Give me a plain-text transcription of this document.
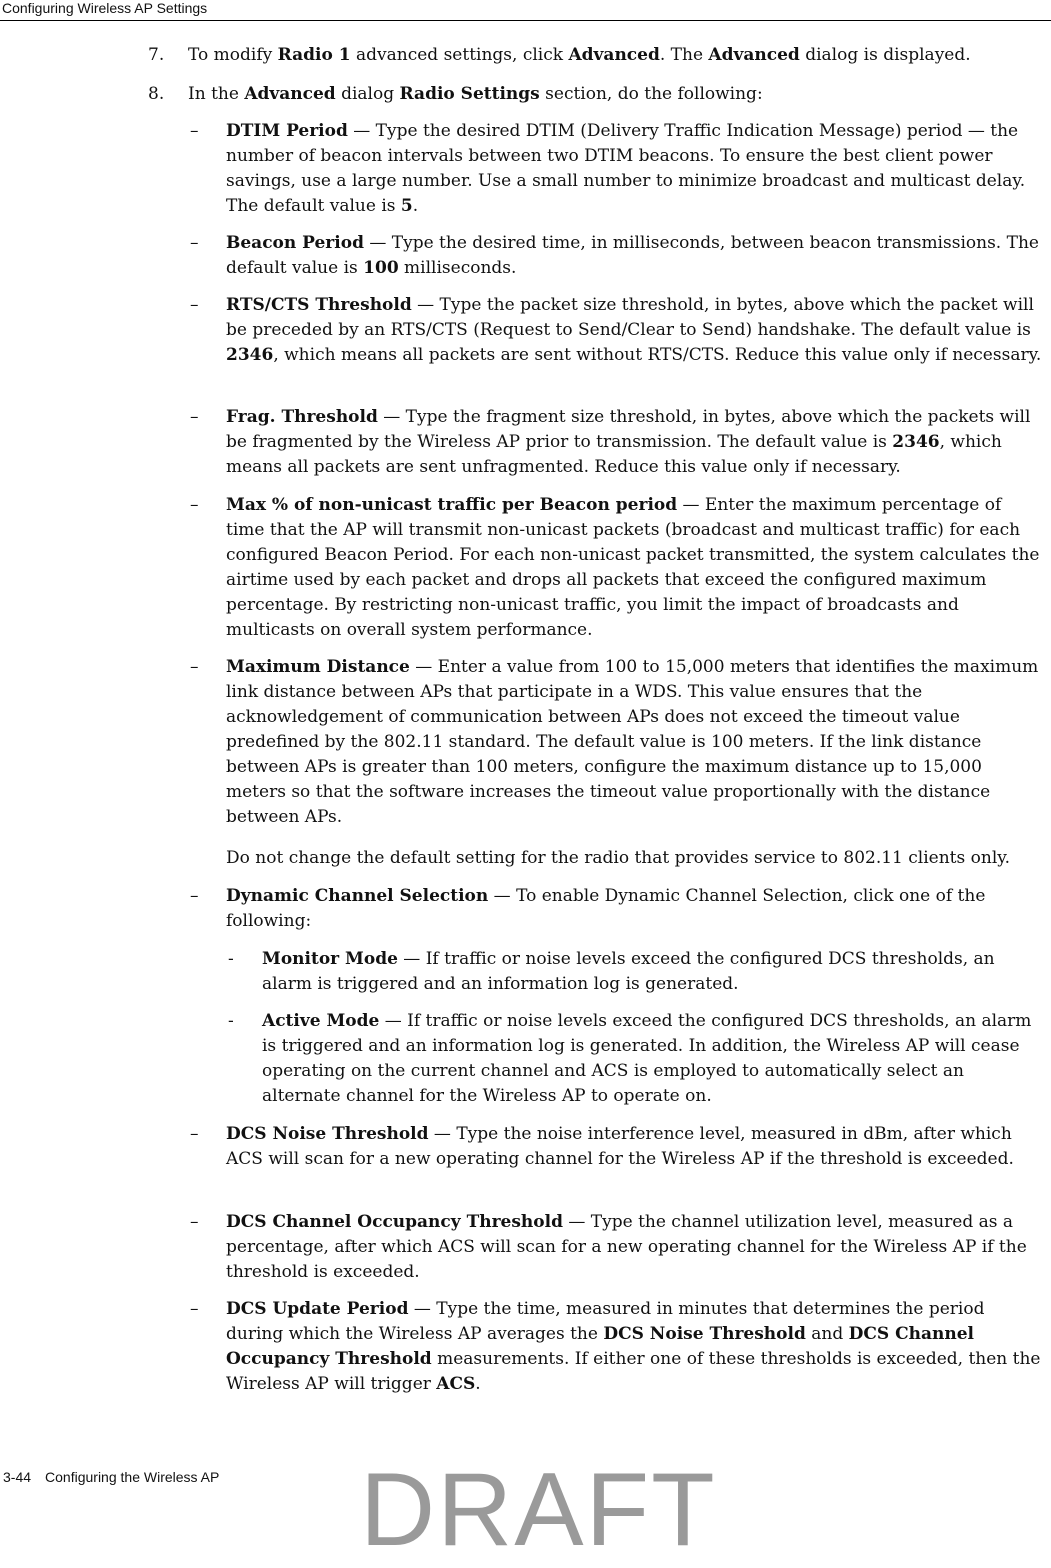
Configuring Wireless AP Settings
7. To modify Radio 1 advanced settings, click Advanced. The Advanced dialog is displayed.
8. In the Advanced dialog Radio Settings section, do the following:
– DTIM Period — Type the desired DTIM (Delivery Traffic Indication Message) period — the number of beacon intervals between two DTIM beacons. To ensure the best client power savings, use a large number. Use a small number to minimize broadcast and multicast delay. The default value is 5.
– Beacon Period — Type the desired time, in milliseconds, between beacon transmissions. The default value is 100 milliseconds.
– RTS/CTS Threshold — Type the packet size threshold, in bytes, above which the packet will be preceded by an RTS/CTS (Request to Send/Clear to Send) handshake. The default value is 2346, which means all packets are sent without RTS/CTS. Reduce this value only if necessary.
– Frag. Threshold — Type the fragment size threshold, in bytes, above which the packets will be fragmented by the Wireless AP prior to transmission. The default value is 2346, which means all packets are sent unfragmented. Reduce this value only if necessary.
– Max % of non-unicast traffic per Beacon period — Enter the maximum percentage of time that the AP will transmit non-unicast packets (broadcast and multicast traffic) for each configured Beacon Period. For each non-unicast packet transmitted, the system calculates the airtime used by each packet and drops all packets that exceed the configured maximum percentage. By restricting non-unicast traffic, you limit the impact of broadcasts and multicasts on overall system performance.
– Maximum Distance — Enter a value from 100 to 15,000 meters that identifies the maximum link distance between APs that participate in a WDS. This value ensures that the acknowledgement of communication between APs does not exceed the timeout value predefined by the 802.11 standard. The default value is 100 meters. If the link distance between APs is greater than 100 meters, configure the maximum distance up to 15,000 meters so that the software increases the timeout value proportionally with the distance between APs.
Do not change the default setting for the radio that provides service to 802.11 clients only.
– Dynamic Channel Selection — To enable Dynamic Channel Selection, click one of the following:
- Monitor Mode — If traffic or noise levels exceed the configured DCS thresholds, an alarm is triggered and an information log is generated.
- Active Mode — If traffic or noise levels exceed the configured DCS thresholds, an alarm is triggered and an information log is generated. In addition, the Wireless AP will cease operating on the current channel and ACS is employed to automatically select an alternate channel for the Wireless AP to operate on.
– DCS Noise Threshold — Type the noise interference level, measured in dBm, after which ACS will scan for a new operating channel for the Wireless AP if the threshold is exceeded.
– DCS Channel Occupancy Threshold — Type the channel utilization level, measured as a percentage, after which ACS will scan for a new operating channel for the Wireless AP if the threshold is exceeded.
– DCS Update Period — Type the time, measured in minutes that determines the period during which the Wireless AP averages the DCS Noise Threshold and DCS Channel Occupancy Threshold measurements. If either one of these thresholds is exceeded, then the Wireless AP will trigger ACS.
3-44 Configuring the Wireless AP DRAFT
